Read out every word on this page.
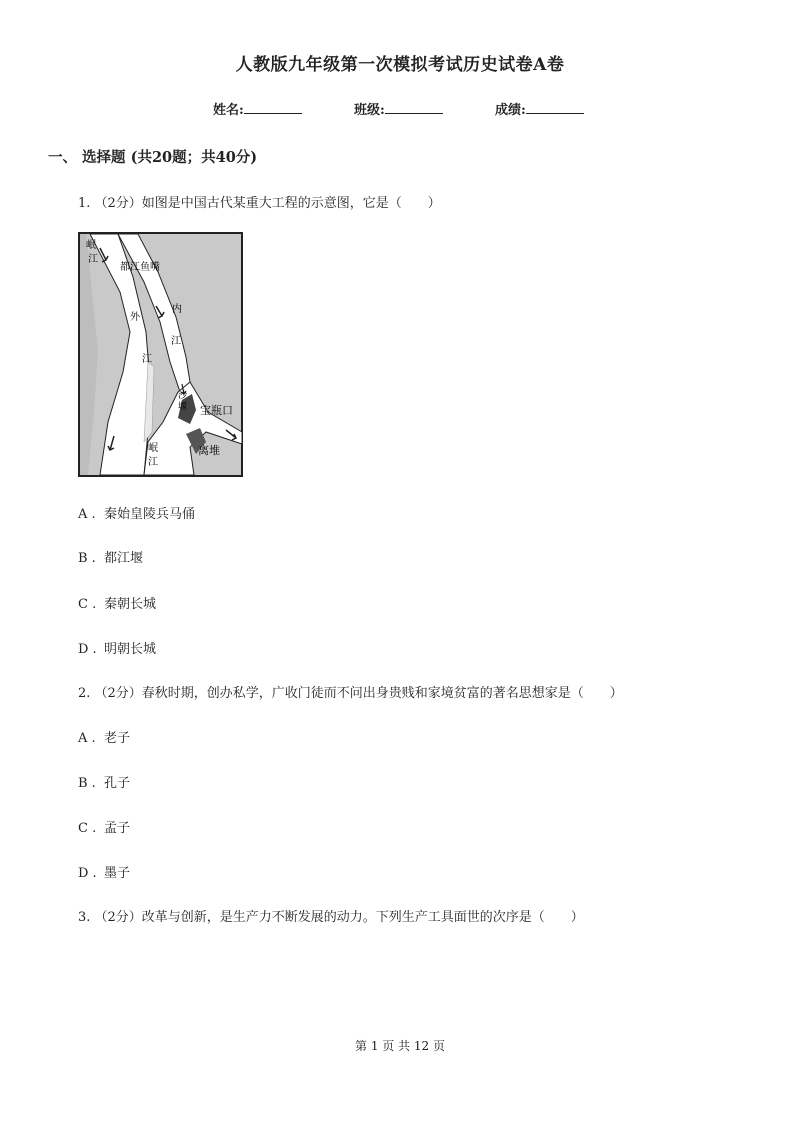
人教版九年级第一次模拟考试历史试卷A卷
姓名:	班级:	成绩:
一、 选择题 (共20题；共40分)
1. （2分）如图是中国古代某重大工程的示意图，它是（　　）
岷
江
都江鱼嘴
外
江
内
江
沙
堰 宝瓶口
岷
江
离堆
A . 秦始皇陵兵马俑
B . 都江堰
C . 秦朝长城
D . 明朝长城
2. （2分）春秋时期，创办私学，广收门徒而不问出身贵贱和家境贫富的著名思想家是（　　）
A . 老子
B . 孔子
C . 孟子
D . 墨子
3. （2分）改革与创新，是生产力不断发展的动力。下列生产工具面世的次序是（　　）
第 1 页 共 12 页
